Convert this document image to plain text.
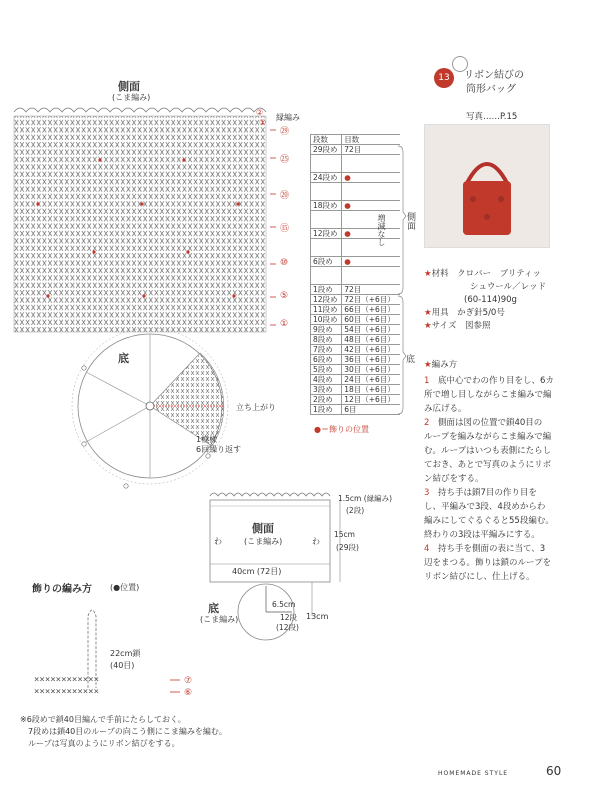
側面
(こま編み)
②
①
縁編み
㉙
㉕
⑳
⑮
⑩
⑤
①
底
立ち上がり
1模様
6回繰り返す
段数	目数
29段め	72目

24段め	●

18段め	●

12段め	●

6段め	●

1段め	72目
12段め	72目（+6目）
11段め	66目（+6目）
10段め	60目（+6目）
9段め	54目（+6目）
8段め	48目（+6目）
7段め	42目（+6目）
6段め	36目（+6目）
5段め	30目（+6目）
4段め	24目（+6目）
3段め	18目（+6目）
2段め	12目（+6目）
1段め	6目
増減なし 側面
底
●＝飾りの位置
13	リボン結びの
筒形バッグ
写真……P.15
★材料　 クロバー　ブリティッ
シュウール／レッド
(60-114)90g
★用具　 かぎ針5/0号
★サイズ　 図参照
★編み方
1　 底中心でわの作り目をし、6カ
所で増し目しながらこま編みで編
み広げる。
2　 側面は図の位置で鎖40目の
ループを編みながらこま編みで編
む。ループはいつも表側にたらし
ておき、あとで写真のようにリボ
ン結びをする。
3　 持ち手は鎖7目の作り目を
し、平編みで3段、4段めからわ
編みにしてぐるぐると55段編む。
終わりの3段は平編みにする。
4　 持ち手を側面の表に当て、3
辺をまつる。飾りは鎖のループを
リボン結びにし、仕上げる。
1.5cm (縁編み)
(2段)
側面
(こま編み)
わ	わ
15cm
(29段)
40cm (72目)
底
(こま編み)
6.5cm
12段
(12段)
13cm
飾りの編み方 (●位置)
××××××××××××
××××××××××××
22cm鎖
(40目)
⑦
⑥
※6段めで鎖40目編んで手前にたらしておく。
7段めは鎖40目のループの向こう側にこま編みを編む。
ループは写真のようにリボン結びをする。
HOMEMADE STYLE	60
